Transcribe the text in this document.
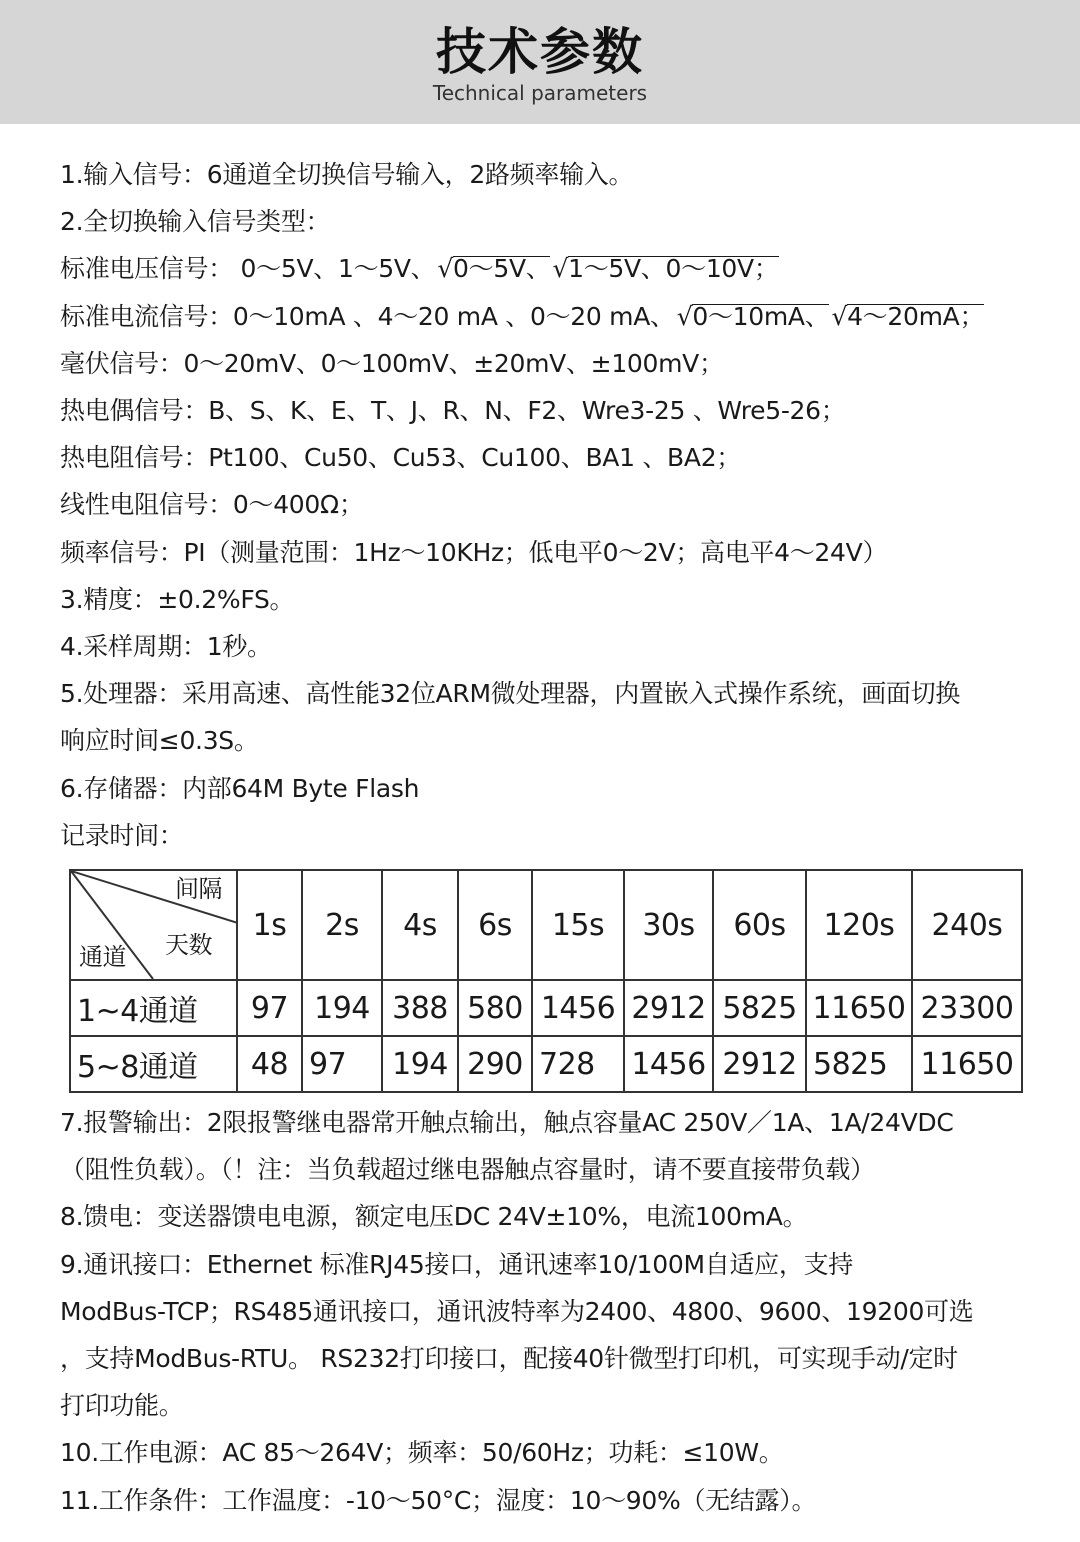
技术参数
Technical parameters
1.输入信号：6通道全切换信号输入，2路频率输入。
2.全切换输入信号类型：
标准电压信号： 0～5V、1～5V、√0～5V、√1～5V、0～10V；
标准电流信号：0～10mA 、4～20 mA 、0～20 mA、√0～10mA、√4～20mA；
毫伏信号：0～20mV、0～100mV、±20mV、±100mV；
热电偶信号：B、S、K、E、T、J、R、N、F2、Wre3-25 、Wre5-26；
热电阻信号：Pt100、Cu50、Cu53、Cu100、BA1 、BA2；
线性电阻信号：0～400Ω；
频率信号：PI（测量范围：1Hz～10KHz；低电平0～2V；高电平4～24V）
3.精度：±0.2%FS。
4.采样周期：1秒。
5.处理器：采用高速、高性能32位ARM微处理器，内置嵌入式操作系统，画面切换
响应时间≤0.3S。
6.存储器：内部64M Byte Flash
记录时间：
间隔
天数
通道	1s	2s	4s	6s	15s	30s	60s	120s	240s
1~4通道	97	194	388	580	1456	2912	5825	11650	23300
5~8通道	48	97	194	290	728	1456	2912	5825	11650
7.报警输出：2限报警继电器常开触点输出，触点容量AC 250V／1A、1A/24VDC
（阻性负载）。（！注：当负载超过继电器触点容量时，请不要直接带负载）
8.馈电：变送器馈电电源，额定电压DC 24V±10%，电流100mA。
9.通讯接口：Ethernet 标准RJ45接口，通讯速率10/100M自适应，支持
ModBus-TCP；RS485通讯接口，通讯波特率为2400、4800、9600、19200可选
，支持ModBus-RTU。 RS232打印接口，配接40针微型打印机，可实现手动/定时
打印功能。
10.工作电源：AC 85～264V；频率：50/60Hz；功耗：≤10W。
11.工作条件：工作温度：-10～50°C；湿度：10～90%（无结露）。
